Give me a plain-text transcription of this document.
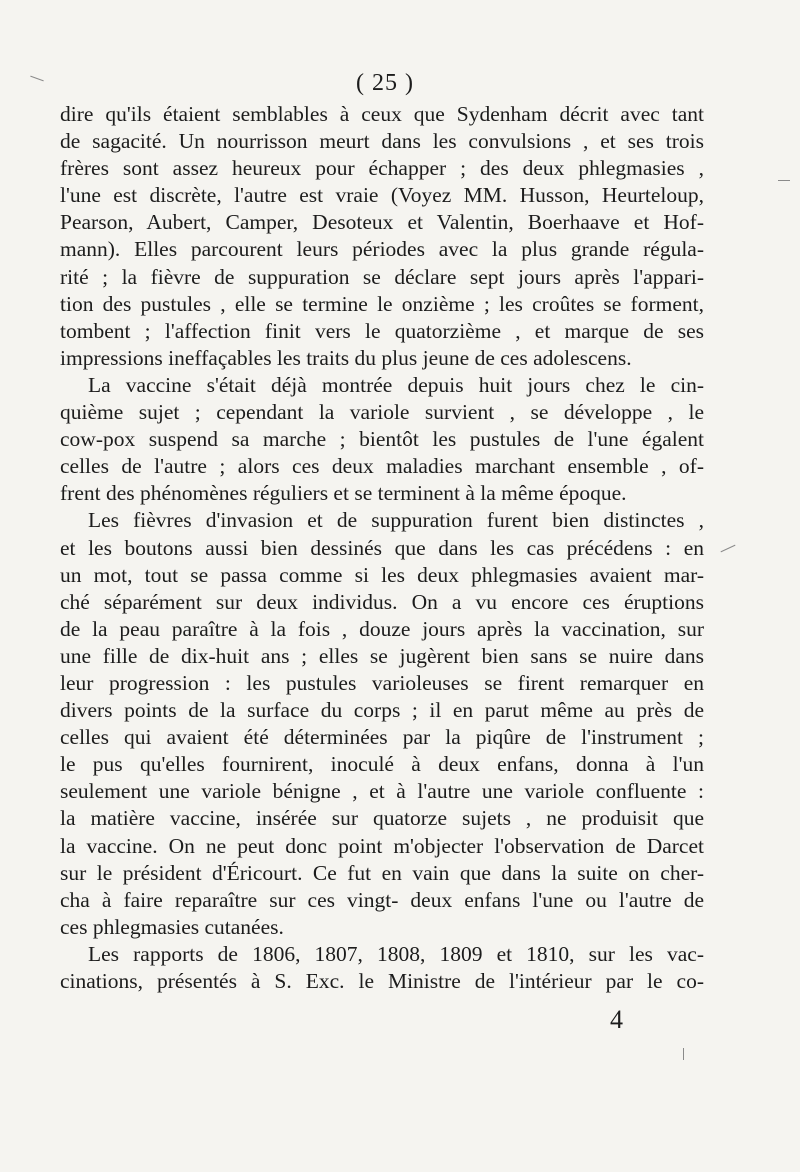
( 25 )
dire qu'ils étaient semblables à ceux que Sydenham décrit avec tant
de sagacité. Un nourrisson meurt dans les convulsions , et ses trois
frères sont assez heureux pour échapper ; des deux phlegmasies ,
l'une est discrète, l'autre est vraie (Voyez MM. Husson, Heurteloup,
Pearson, Aubert, Camper, Desoteux et Valentin, Boerhaave et Hof-
mann). Elles parcourent leurs périodes avec la plus grande régula-
rité ; la fièvre de suppuration se déclare sept jours après l'appari-
tion des pustules , elle se termine le onzième ; les croûtes se forment,
tombent ; l'affection finit vers le quatorzième , et marque de ses
impressions ineffaçables les traits du plus jeune de ces adolescens.
La vaccine s'était déjà montrée depuis huit jours chez le cin-
quième sujet ; cependant la variole survient , se développe , le
cow-pox suspend sa marche ; bientôt les pustules de l'une égalent
celles de l'autre ; alors ces deux maladies marchant ensemble , of-
frent des phénomènes réguliers et se terminent à la même époque.
Les fièvres d'invasion et de suppuration furent bien distinctes ,
et les boutons aussi bien dessinés que dans les cas précédens : en
un mot, tout se passa comme si les deux phlegmasies avaient mar-
ché séparément sur deux individus. On a vu encore ces éruptions
de la peau paraître à la fois , douze jours après la vaccination, sur
une fille de dix-huit ans ; elles se jugèrent bien sans se nuire dans
leur progression : les pustules varioleuses se firent remarquer en
divers points de la surface du corps ; il en parut même au près de
celles qui avaient été déterminées par la piqûre de l'instrument ;
le pus qu'elles fournirent, inoculé à deux enfans, donna à l'un
seulement une variole bénigne , et à l'autre une variole confluente :
la matière vaccine, insérée sur quatorze sujets , ne produisit que
la vaccine. On ne peut donc point m'objecter l'observation de Darcet
sur le président d'Éricourt. Ce fut en vain que dans la suite on cher-
cha à faire reparaître sur ces vingt- deux enfans l'une ou l'autre de
ces phlegmasies cutanées.
Les rapports de 1806, 1807, 1808, 1809 et 1810, sur les vac-
cinations, présentés à S. Exc. le Ministre de l'intérieur par le co-
4
